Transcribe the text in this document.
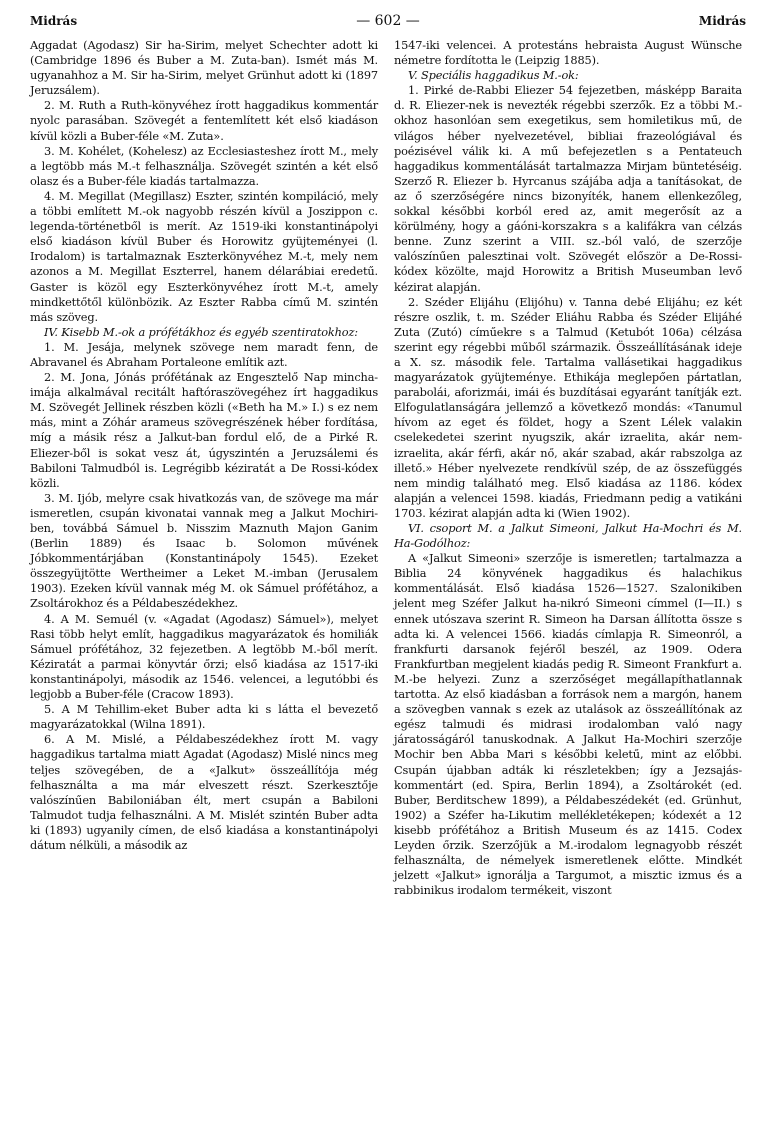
Midrás	— 602 —	Midrás

Aggadat (Agodasz) Sir ha-Sirim, melyet Schechter adott ki (Cambridge 1896 és Buber a M. Zuta-ban). Ismét más M. ugyanahhoz a M. Sir ha-Sirim, melyet Grünhut adott ki (1897 Jeruzsálem).

2. M. Ruth a Ruth-könyvéhez írott haggadikus kommentár nyolc parasában. Szövegét a fentemlített két első kiadáson kívül közli a Buber-féle «M. Zuta».

3. M. Kohélet, (Kohelesz) az Ecclesiasteshez írott M., mely a legtöbb más M.-t felhasználja. Szövegét szintén a két első olasz és a Buber-féle kiadás tartalmazza.

4. M. Megillat (Megillasz) Eszter, szintén kompiláció, mely a többi említett M.-ok nagyobb részén kívül a Joszippon c. legenda-történetből is merít. Az 1519-iki konstantinápolyi első kiadáson kívül Buber és Horowitz gyüjteményei (l. Irodalom) is tartalmaznak Eszterkönyvéhez M.-t, mely nem azonos a M. Megillat Eszterrel, hanem délarábiai eredetű. Gaster is közöl egy Eszterkönyvéhez írott M.-t, amely mindkettőtől különbözik. Az Eszter Rabba című M. szintén más szöveg.

IV. Kisebb M.-ok a prófétákhoz és egyéb szentiratokhoz:

1. M. Jesája, melynek szövege nem maradt fenn, de Abravanel és Abraham Portaleone említik azt.

2. M. Jona, Jónás prófétának az Engesztelő Nap mincha-imája alkalmával recitált haftóraszövegéhez írt haggadikus M. Szövegét Jellinek részben közli («Beth ha M.» I.) s ez nem más, mint a Zóhár arameus szövegrészének héber fordítása, míg a másik rész a Jalkut-ban fordul elő, de a Pirké R. Eliezer-ből is sokat vesz át, úgyszintén a Jeruzsálemi és Babiloni Talmudból is. Legrégibb kéziratát a De Rossi-kódex közli.

3. M. Ijób, melyre csak hivatkozás van, de szövege ma már ismeretlen, csupán kivonatai vannak meg a Jalkut Mochiri-ben, továbbá Sámuel b. Nisszim Maznuth Majon Ganim (Berlin 1889) és Isaac b. Solomon művének Jóbkommentárjában (Konstantinápoly 1545). Ezeket összegyüjtötte Wertheimer a Leket M.-imban (Jerusalem 1903). Ezeken kívül vannak még M. ok Sámuel prófétához, a Zsoltárokhoz és a Példabeszédekhez.

4. A M. Semuél (v. «Agadat (Agodasz) Sámuel»), melyet Rasi több helyt említ, haggadikus magyarázatok és homiliák Sámuel prófétához, 32 fejezetben. A legtöbb M.-ből merít. Kéziratát a parmai könyvtár őrzi; első kiadása az 1517-iki konstantinápolyi, második az 1546. velencei, a legutóbbi és legjobb a Buber-féle (Cracow 1893).

5. A M Tehillim-eket Buber adta ki s látta el bevezető magyarázatokkal (Wilna 1891).

6. A M. Mislé, a Példabeszédekhez írott M. vagy haggadikus tartalma miatt Agadat (Agodasz) Mislé nincs meg teljes szövegében, de a «Jalkut» összeállítója még felhasználta a ma már elveszett részt. Szerkesztője valószínűen Babiloniában élt, mert csupán a Babiloni Talmudot tudja felhasználni. A M. Mislét szintén Buber adta ki (1893) ugyanily címen, de első kiadása a konstantinápolyi dátum nélküli, a második az

1547-iki velencei. A protestáns hebraista August Wünsche németre fordította le (Leipzig 1885).

V. Speciális haggadikus M.-ok:

1. Pirké de-Rabbi Eliezer 54 fejezetben, másképp Baraita d. R. Eliezer-nek is nevezték régebbi szerzők. Ez a többi M.-okhoz hasonlóan sem exegetikus, sem homiletikus mű, de világos héber nyelvezetével, bibliai frazeológiával és poézisével válik ki. A mű befejezetlen s a Pentateuch haggadikus kommentálását tartalmazza Mirjam büntetéséig. Szerző R. Eliezer b. Hyrcanus szájába adja a tanításokat, de az ő szerzőségére nincs bizonyíték, hanem ellenkezőleg, sokkal későbbi korból ered az, amit megerősít az a körülmény, hogy a gáóni-korszakra s a kalifákra van célzás benne. Zunz szerint a VIII. sz.-ból való, de szerzője valószínűen palesztinai volt. Szövegét először a De-Rossi-kódex közölte, majd Horowitz a British Museumban levő kézirat alapján.

2. Széder Elijáhu (Elijóhu) v. Tanna debé Elijáhu; ez két részre oszlik, t. m. Széder Eliáhu Rabba és Széder Elijáhé Zuta (Zutó) címűekre s a Talmud (Ketubót 106a) célzása szerint egy régebbi műből származik. Összeállításának ideje a X. sz. második fele. Tartalma vallásetikai haggadikus magyarázatok gyüjteménye. Ethikája meglepően pártatlan, parabolái, aforizmái, imái és buzdításai egyaránt tanítják ezt. Elfogulatlanságára jellemző a következő mondás: «Tanumul hívom az eget és földet, hogy a Szent Lélek valakin cselekedetei szerint nyugszik, akár izraelita, akár nem-izraelita, akár férfi, akár nő, akár szabad, akár rabszolga az illető.» Héber nyelvezete rendkívül szép, de az összefüggés nem mindig található meg. Első kiadása az 1186. kódex alapján a velencei 1598. kiadás, Friedmann pedig a vatikáni 1703. kézirat alapján adta ki (Wien 1902).

VI. csoport M. a Jalkut Simeoni, Jalkut Ha-Mochri és M. Ha-Godólhoz:

A «Jalkut Simeoni» szerzője is ismeretlen; tartalmazza a Biblia 24 könyvének haggadikus és halachikus kommentálását. Első kiadása 1526—1527. Szalonikiben jelent meg Széfer Jalkut ha-nikró Simeoni címmel (I—II.) s ennek utószava szerint R. Simeon ha Darsan állította össze s adta ki. A velencei 1566. kiadás címlapja R. Simeonról, a frankfurti darsanok fejéről beszél, az 1909. Odera Frankfurtban megjelent kiadás pedig R. Simeont Frankfurt a. M.-be helyezi. Zunz a szerzőséget megállapíthatlannak tartotta. Az első kiadásban a források nem a margón, hanem a szövegben vannak s ezek az utalások az összeállítónak az egész talmudi és midrasi irodalomban való nagy járatosságáról tanuskodnak. A Jalkut Ha-Mochiri szerzője Mochir ben Abba Mari s későbbi keletű, mint az előbbi. Csupán újabban adták ki részletekben; így a Jezsajás-kommentárt (ed. Spira, Berlin 1894), a Zsoltárokét (ed. Buber, Berditschew 1899), a Példabeszédekét (ed. Grünhut, 1902) a Széfer ha-Likutim mellékletékepen; kódexét a 12 kisebb prófétához a British Museum és az 1415. Codex Leyden őrzik. Szerzőjük a M.-irodalom legnagyobb részét felhasználta, de némelyek ismeretlenek előtte. Mindkét jelzett «Jalkut» ignorálja a Targumot, a misztic izmus és a rabbinikus irodalom termékeit, viszont
